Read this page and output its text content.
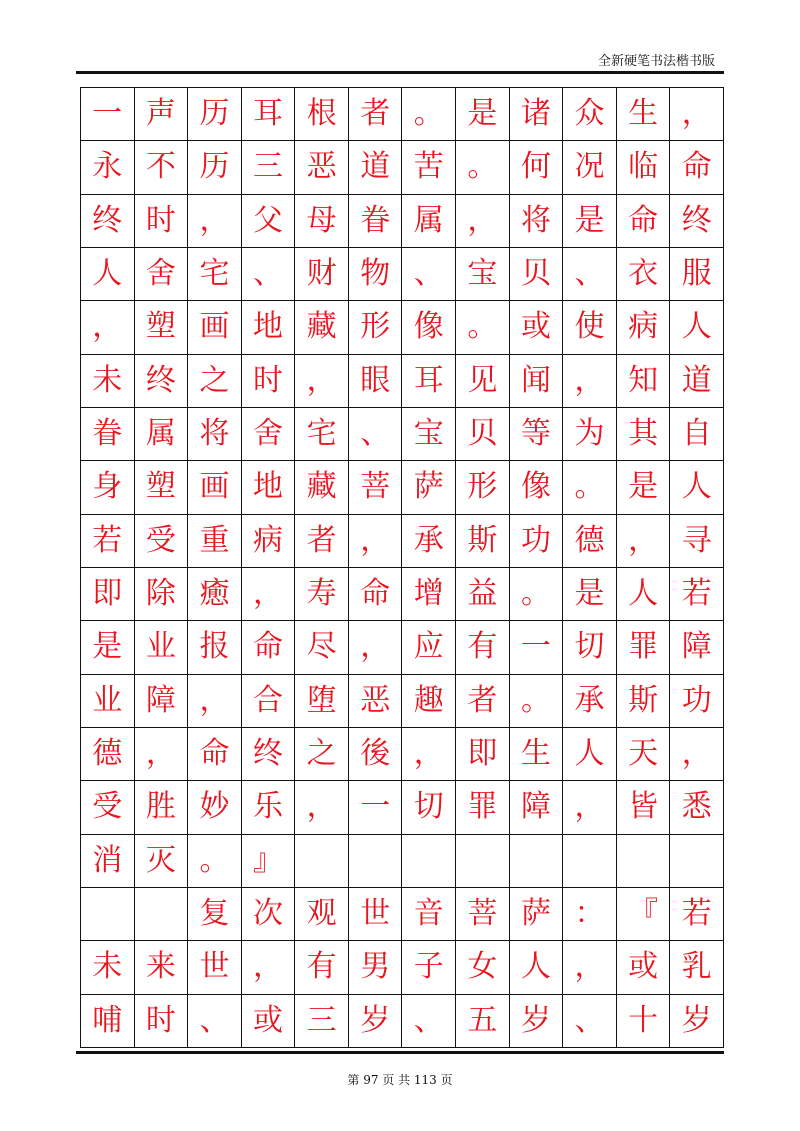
全新硬笔书法楷书版
一 声 历 耳 根 者 。 是 诸 众 生 ，
永 不 历 三 恶 道 苦 。 何 况 临 命
终 时 ， 父 母 眷 属 ， 将 是 命 终
人 舍 宅 、 财 物 、 宝 贝 、 衣 服
， 塑 画 地 藏 形 像 。 或 使 病 人
未 终 之 时 ， 眼 耳 见 闻 ， 知 道
眷 属 将 舍 宅 、 宝 贝 等 为 其 自
身 塑 画 地 藏 菩 萨 形 像 。 是 人
若 受 重 病 者 ， 承 斯 功 德 ， 寻
即 除 癒 ， 寿 命 增 益 。 是 人 若
是 业 报 命 尽 ， 应 有 一 切 罪 障
业 障 ， 合 堕 恶 趣 者 。 承 斯 功
德 ， 命 终 之 後 ， 即 生 人 天 ，
受 胜 妙 乐 ， 一 切 罪 障 ， 皆 悉
消 灭 。 』
复 次 观 世 音 菩 萨 ： 『 若
未 来 世 ， 有 男 子 女 人 ， 或 乳
哺 时 、 或 三 岁 、 五 岁 、 十 岁
第 97 页 共 113 页
